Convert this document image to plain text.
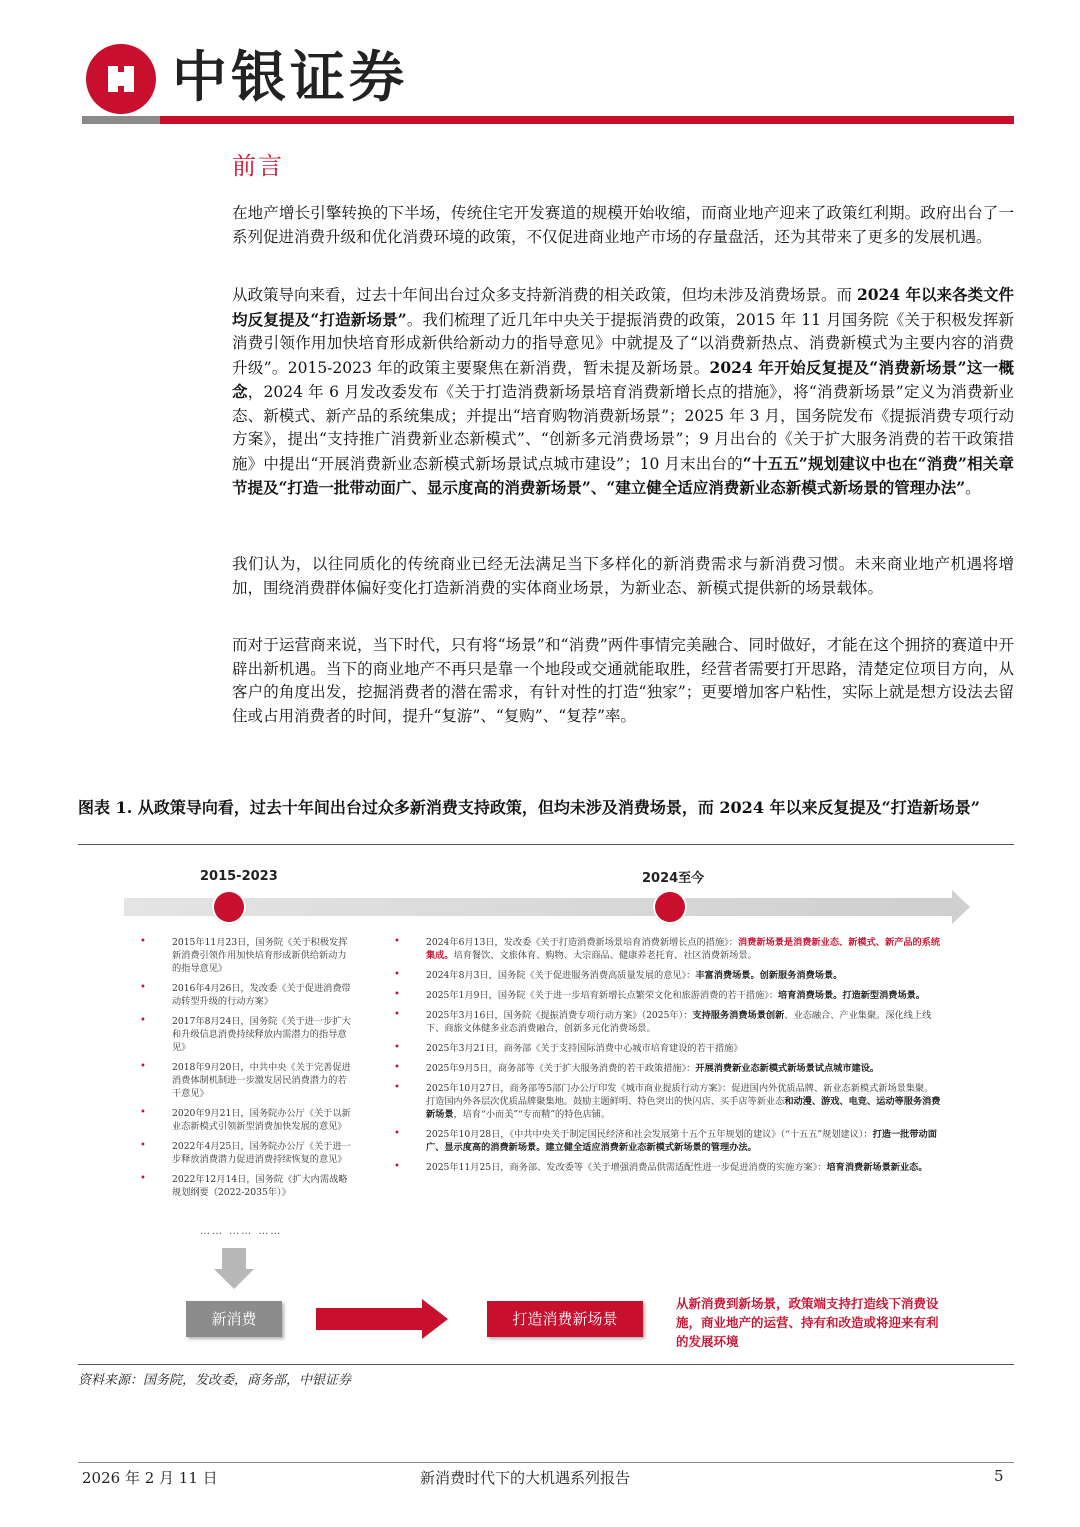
中银证券
前言
在地产增长引擎转换的下半场，传统住宅开发赛道的规模开始收缩，而商业地产迎来了政策红利期。政府出台了一系列促进消费升级和优化消费环境的政策，不仅促进商业地产市场的存量盘活，还为其带来了更多的发展机遇。
从政策导向来看，过去十年间出台过众多支持新消费的相关政策，但均未涉及消费场景。而 2024 年以来各类文件均反复提及“打造新场景”。我们梳理了近几年中央关于提振消费的政策，2015 年 11 月国务院《关于积极发挥新消费引领作用加快培育形成新供给新动力的指导意见》中就提及了“以消费新热点、消费新模式为主要内容的消费升级”。2015-2023 年的政策主要聚焦在新消费，暂未提及新场景。2024 年开始反复提及“消费新场景”这一概念，2024 年 6 月发改委发布《关于打造消费新场景培育消费新增长点的措施》，将“消费新场景”定义为消费新业态、新模式、新产品的系统集成；并提出“培育购物消费新场景”；2025 年 3 月，国务院发布《提振消费专项行动方案》，提出“支持推广消费新业态新模式”、“创新多元消费场景”；9 月出台的《关于扩大服务消费的若干政策措施》中提出“开展消费新业态新模式新场景试点城市建设”；10 月末出台的“十五五”规划建议中也在“消费”相关章节提及“打造一批带动面广、显示度高的消费新场景”、“建立健全适应消费新业态新模式新场景的管理办法”。
我们认为，以往同质化的传统商业已经无法满足当下多样化的新消费需求与新消费习惯。未来商业地产机遇将增加，围绕消费群体偏好变化打造新消费的实体商业场景，为新业态、新模式提供新的场景载体。
而对于运营商来说，当下时代，只有将“场景”和“消费”两件事情完美融合、同时做好，才能在这个拥挤的赛道中开辟出新机遇。当下的商业地产不再只是靠一个地段或交通就能取胜，经营者需要打开思路，清楚定位项目方向，从客户的角度出发，挖掘消费者的潜在需求，有针对性的打造“独家”；更要增加客户粘性，实际上就是想方设法去留住或占用消费者的时间，提升“复游”、“复购”、“复荐”率。
图表 1. 从政策导向看，过去十年间出台过众多新消费支持政策，但均未涉及消费场景，而 2024 年以来反复提及“打造新场景”
2015-2023	2024至今
•	2015年11月23日，国务院《关于积极发挥新消费引领作用加快培育形成新供给新动力的指导意见》
•	2016年4月26日，发改委《关于促进消费带动转型升级的行动方案》
•	2017年8月24日，国务院《关于进一步扩大和升级信息消费持续释放内需潜力的指导意见》
•	2018年9月20日，中共中央《关于完善促进消费体制机制进一步激发居民消费潜力的若干意见》
•	2020年9月21日，国务院办公厅《关于以新业态新模式引领新型消费加快发展的意见》
•	2022年4月25日，国务院办公厅《关于进一步释放消费潜力促进消费持续恢复的意见》
•	2022年12月14日，国务院《扩大内需战略规划纲要（2022-2035年）》
…… …… ……
•	2024年6月13日，发改委《关于打造消费新场景培育消费新增长点的措施》：消费新场景是消费新业态、新模式、新产品的系统集成。培育餐饮、文旅体育、购物、大宗商品、健康养老托育、社区消费新场景。
•	2024年8月3日，国务院《关于促进服务消费高质量发展的意见》：丰富消费场景。创新服务消费场景。
•	2025年1月9日，国务院《关于进一步培育新增长点繁荣文化和旅游消费的若干措施》：培育消费场景。打造新型消费场景。
•	2025年3月16日，国务院《提振消费专项行动方案》（2025年）：支持服务消费场景创新、业态融合、产业集聚。深化线上线下、商旅文体健多业态消费融合，创新多元化消费场景。
•	2025年3月21日，商务部《关于支持国际消费中心城市培育建设的若干措施》
•	2025年9月5日，商务部等《关于扩大服务消费的若干政策措施》：开展消费新业态新模式新场景试点城市建设。
•	2025年10月27日，商务部等5部门办公厅印发《城市商业提质行动方案》：促进国内外优质品牌、新业态新模式新场景集聚。打造国内外各层次优质品牌聚集地。鼓励主题鲜明、特色突出的快闪店、买手店等新业态和动漫、游戏、电竞、运动等服务消费新场景，培育“小而美”“专而精”的特色店铺。
•	2025年10月28日，《中共中央关于制定国民经济和社会发展第十五个五年规划的建议》（“十五五”规划建议）：打造一批带动面广、显示度高的消费新场景。建立健全适应消费新业态新模式新场景的管理办法。
•	2025年11月25日，商务部、发改委等《关于增强消费品供需适配性进一步促进消费的实施方案》：培育消费新场景新业态。
新消费	打造消费新场景
从新消费到新场景，政策端支持打造线下消费设施，商业地产的运营、持有和改造或将迎来有利的发展环境
资料来源：国务院，发改委，商务部，中银证券
2026 年 2 月 11 日	新消费时代下的大机遇系列报告	5
